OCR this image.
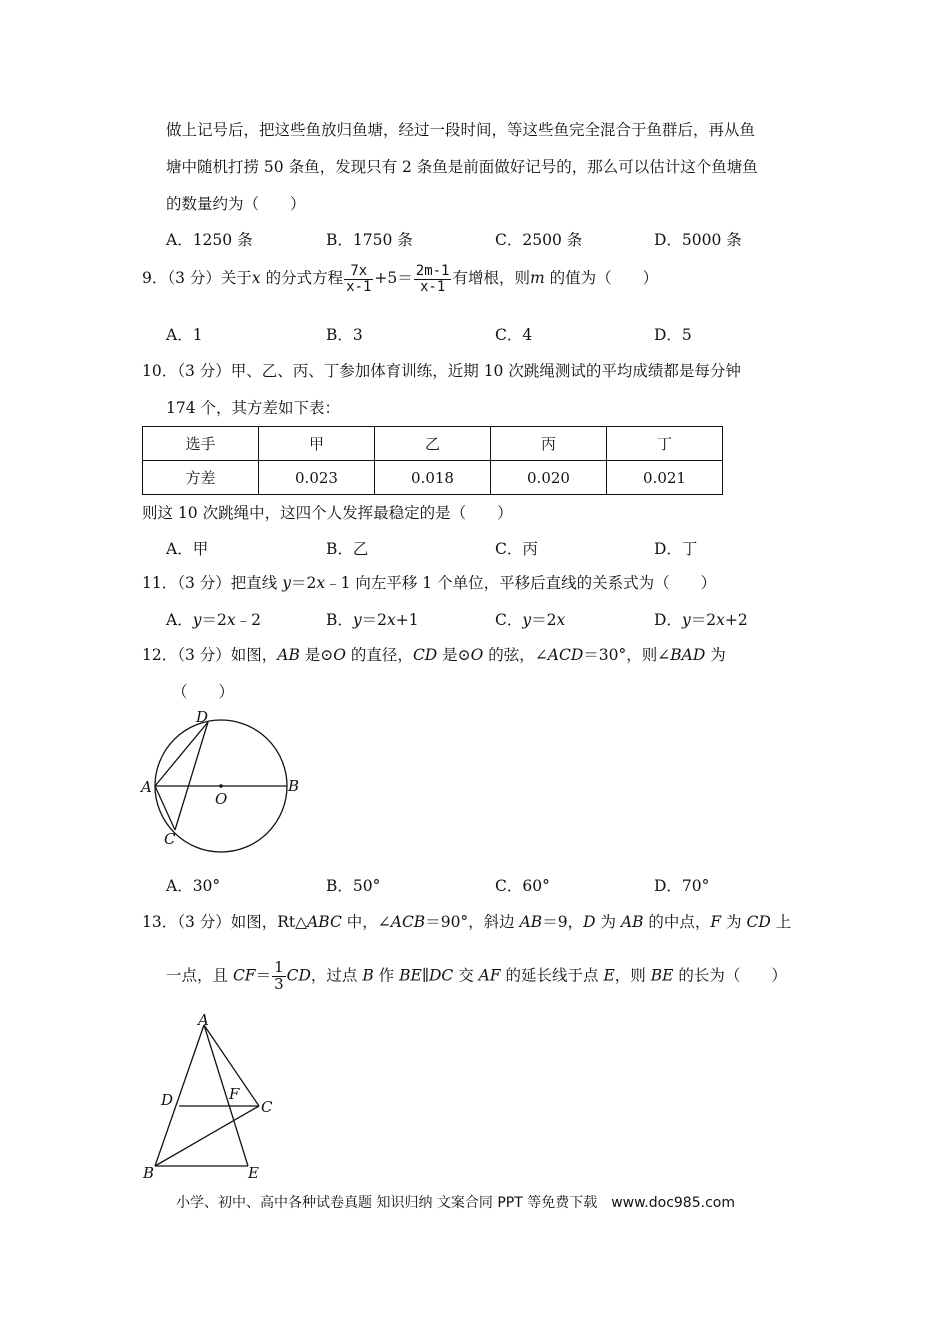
做上记号后，把这些鱼放归鱼塘，经过一段时间，等这些鱼完全混合于鱼群后，再从鱼
塘中随机打捞 50 条鱼，发现只有 2 条鱼是前面做好记号的，那么可以估计这个鱼塘鱼
的数量约为（　　）
A．1250 条	B．1750 条	C．2500 条	D．5000 条
9．（3 分）关于x 的分式方程 $\frac{7x}{x-1} +5= \frac{2m-1}{x-1}$ 有增根，则m 的值为（　　）
A．1	B．3	C．4	D．5
10．（3 分）甲、乙、丙、丁参加体育训练，近期 10 次跳绳测试的平均成绩都是每分钟
174 个，其方差如下表：
选手	甲	乙	丙	丁
方差	0.023	0.018	0.020	0.021
则这 10 次跳绳中，这四个人发挥最稳定的是（　　）
A．甲	B．乙	C．丙	D．丁
11．（3 分）把直线 y＝2x﹣1 向左平移 1 个单位，平移后直线的关系式为（　　）
A．y＝2x﹣2	B．y＝2x+1	C．y＝2x	D．y＝2x+2
12．（3 分）如图，AB 是⊙O 的直径，CD 是⊙O 的弦，∠ACD＝30°，则∠BAD 为
（　　）
D
A
O
B
C
A．30°	B．50°	C．60°	D．70°
13．（3 分）如图，Rt△ABC 中，∠ACB＝90°，斜边 AB＝9，D 为 AB 的中点，F 为 CD 上
一点，且 $CF= \frac{1}{3}$ CD，过点 B 作 BE∥DC 交 AF 的延长线于点 E，则 BE 的长为（　　）
A
D	F
C
B	E
小学、初中、高中各种试卷真题 知识归纳 文案合同 PPT 等免费下载　www.doc985.com
